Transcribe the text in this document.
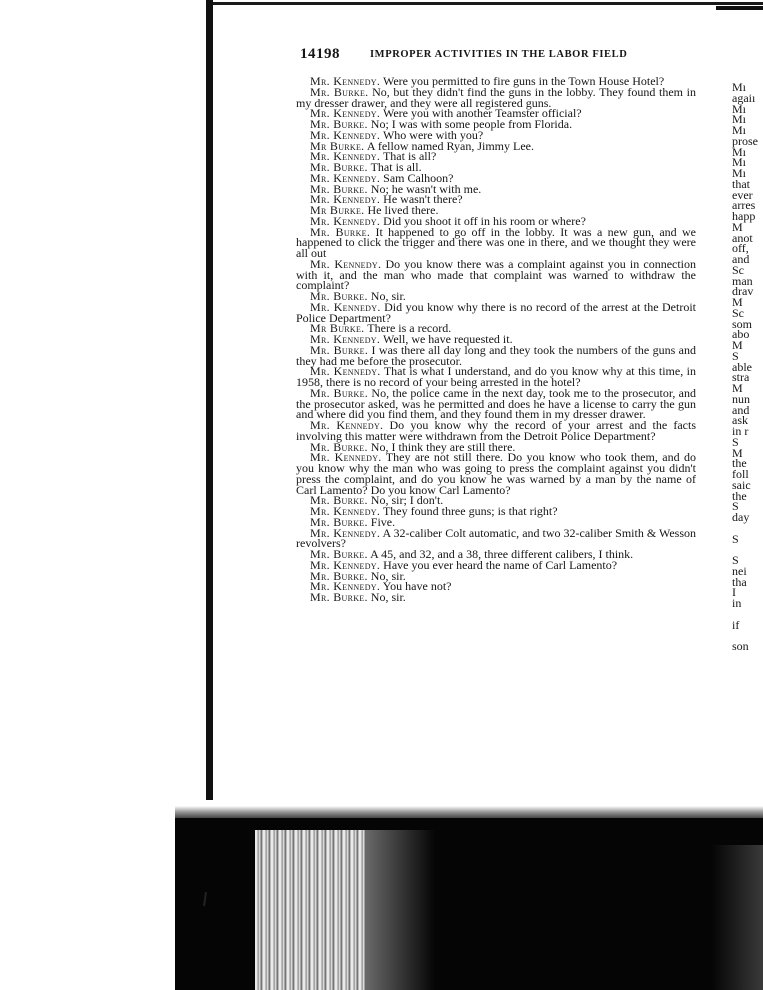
14198	IMPROPER ACTIVITIES IN THE LABOR FIELD

Mr. Kennedy. Were you permitted to fire guns in the Town House Hotel?

Mr. Burke. No, but they didn't find the guns in the lobby. They found them in my dresser drawer, and they were all registered guns.

Mr. Kennedy. Were you with another Teamster official?

Mr. Burke. No; I was with some people from Florida.

Mr. Kennedy. Who were with you?

Mr Burke. A fellow named Ryan, Jimmy Lee.

Mr. Kennedy. That is all?

Mr. Burke. That is all.

Mr. Kennedy. Sam Calhoon?

Mr. Burke. No; he wasn't with me.

Mr. Kennedy. He wasn't there?

Mr Burke. He lived there.

Mr. Kennedy. Did you shoot it off in his room or where?

Mr. Burke. It happened to go off in the lobby. It was a new gun, and we happened to click the trigger and there was one in there, and we thought they were all out

Mr. Kennedy. Do you know there was a complaint against you in connection with it, and the man who made that complaint was warned to withdraw the complaint?

Mr. Burke. No, sir.

Mr. Kennedy. Did you know why there is no record of the arrest at the Detroit Police Department?

Mr Burke. There is a record.

Mr. Kennedy. Well, we have requested it.

Mr. Burke. I was there all day long and they took the numbers of the guns and they had me before the prosecutor.

Mr. Kennedy. That is what I understand, and do you know why at this time, in 1958, there is no record of your being arrested in the hotel?

Mr. Burke. No, the police came in the next day, took me to the prosecutor, and the prosecutor asked, was he permitted and does he have a license to carry the gun and where did you find them, and they found them in my dresser drawer.

Mr. Kennedy. Do you know why the record of your arrest and the facts involving this matter were withdrawn from the Detroit Police Department?

Mr. Burke. No, I think they are still there.

Mr. Kennedy. They are not still there. Do you know who took them, and do you know why the man who was going to press the complaint against you didn't press the complaint, and do you know he was warned by a man by the name of Carl Lamento? Do you know Carl Lamento?

Mr. Burke. No, sir; I don't.

Mr. Kennedy. They found three guns; is that right?

Mr. Burke. Five.

Mr. Kennedy. A 32-caliber Colt automatic, and two 32-caliber Smith & Wesson revolvers?

Mr. Burke. A 45, and 32, and a 38, three different calibers, I think.

Mr. Kennedy. Have you ever heard the name of Carl Lamento?

Mr. Burke. No, sir.

Mr. Kennedy. You have not?

Mr. Burke. No, sir.

Mı
agaiı
Mı
Mı
Mı
prose
Mı
Mı
Mı
that
ever
arres
happ
M
anot
off,
and
Sc
man
drav
M
Sc
som
abo
M
S
able
stra
M
nun
and
ask
in r
S
M
the
foll
saic
the
S
day
S
S
nei
tha
I
in
if
son
